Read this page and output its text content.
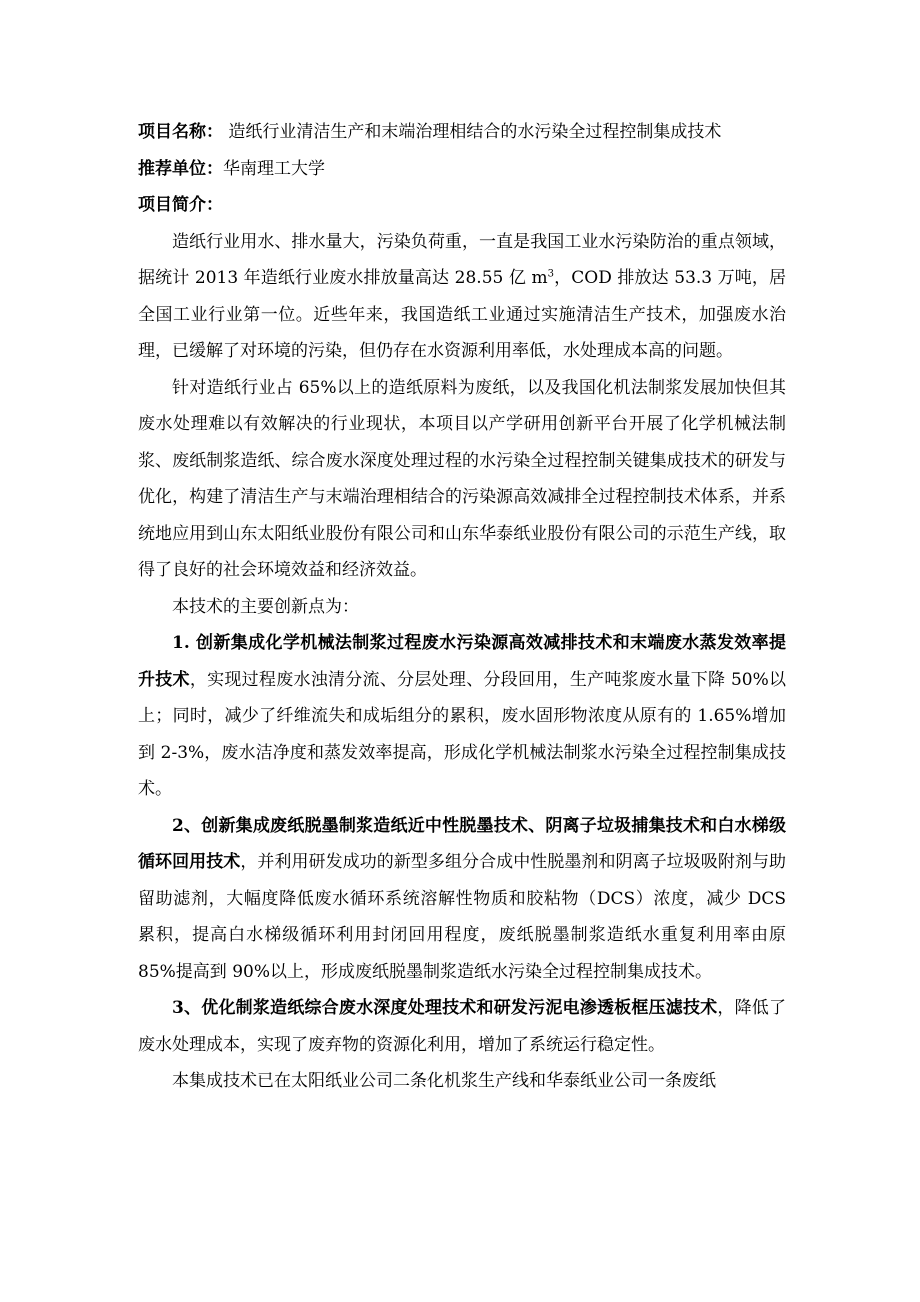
项目名称： 造纸行业清洁生产和末端治理相结合的水污染全过程控制集成技术

推荐单位：华南理工大学

项目简介：

造纸行业用水、排水量大，污染负荷重，一直是我国工业水污染防治的重点领域，据统计 2013 年造纸行业废水排放量高达 28.55 亿 $m^3$，COD 排放达 53.3 万吨，居全国工业行业第一位。近些年来，我国造纸工业通过实施清洁生产技术，加强废水治理，已缓解了对环境的污染，但仍存在水资源利用率低，水处理成本高的问题。

针对造纸行业占 65%以上的造纸原料为废纸，以及我国化机法制浆发展加快但其废水处理难以有效解决的行业现状，本项目以产学研用创新平台开展了化学机械法制浆、废纸制浆造纸、综合废水深度处理过程的水污染全过程控制关键集成技术的研发与优化，构建了清洁生产与末端治理相结合的污染源高效减排全过程控制技术体系，并系统地应用到山东太阳纸业股份有限公司和山东华泰纸业股份有限公司的示范生产线，取得了良好的社会环境效益和经济效益。

本技术的主要创新点为：

1. 创新集成化学机械法制浆过程废水污染源高效减排技术和末端废水蒸发效率提升技术，实现过程废水浊清分流、分层处理、分段回用，生产吨浆废水量下降 50%以上；同时，减少了纤维流失和成垢组分的累积，废水固形物浓度从原有的 1.65%增加到 2-3%，废水洁净度和蒸发效率提高，形成化学机械法制浆水污染全过程控制集成技术。

2、创新集成废纸脱墨制浆造纸近中性脱墨技术、阴离子垃圾捕集技术和白水梯级循环回用技术，并利用研发成功的新型多组分合成中性脱墨剂和阴离子垃圾吸附剂与助留助滤剂，大幅度降低废水循环系统溶解性物质和胶粘物（DCS）浓度，减少 DCS 累积，提高白水梯级循环利用封闭回用程度，废纸脱墨制浆造纸水重复利用率由原 85%提高到 90%以上，形成废纸脱墨制浆造纸水污染全过程控制集成技术。

3、优化制浆造纸综合废水深度处理技术和研发污泥电渗透板框压滤技术，降低了废水处理成本，实现了废弃物的资源化利用，增加了系统运行稳定性。

本集成技术已在太阳纸业公司二条化机浆生产线和华泰纸业公司一条废纸
